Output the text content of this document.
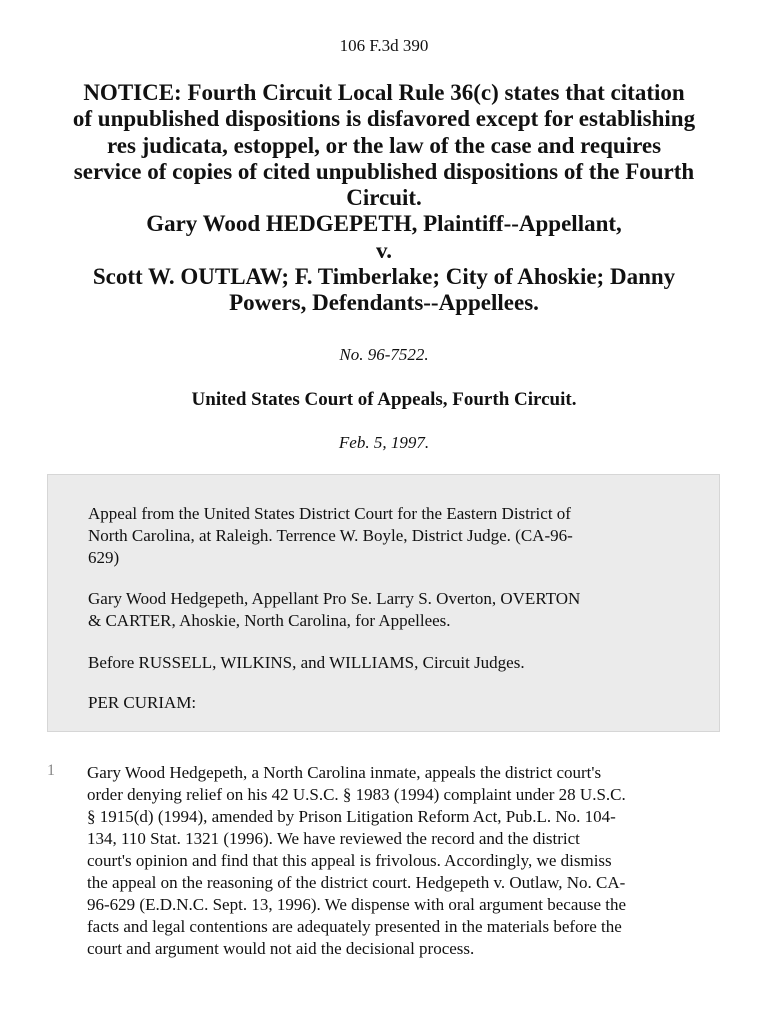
106 F.3d 390
NOTICE: Fourth Circuit Local Rule 36(c) states that citation
of unpublished dispositions is disfavored except for establishing
res judicata, estoppel, or the law of the case and requires
service of copies of cited unpublished dispositions of the Fourth
Circuit.
Gary Wood HEDGEPETH, Plaintiff--Appellant,
v.
Scott W. OUTLAW; F. Timberlake; City of Ahoskie; Danny
Powers, Defendants--Appellees.
No. 96-7522.
United States Court of Appeals, Fourth Circuit.
Feb. 5, 1997.

Appeal from the United States District Court for the Eastern District of
North Carolina, at Raleigh. Terrence W. Boyle, District Judge. (CA-96-
629)

Gary Wood Hedgepeth, Appellant Pro Se. Larry S. Overton, OVERTON
& CARTER, Ahoskie, North Carolina, for Appellees.

Before RUSSELL, WILKINS, and WILLIAMS, Circuit Judges.

PER CURIAM:

1 Gary Wood Hedgepeth, a North Carolina inmate, appeals the district court's
order denying relief on his 42 U.S.C. § 1983 (1994) complaint under 28 U.S.C.
§ 1915(d) (1994), amended by Prison Litigation Reform Act, Pub.L. No. 104-
134, 110 Stat. 1321 (1996). We have reviewed the record and the district
court's opinion and find that this appeal is frivolous. Accordingly, we dismiss
the appeal on the reasoning of the district court. Hedgepeth v. Outlaw, No. CA-
96-629 (E.D.N.C. Sept. 13, 1996). We dispense with oral argument because the
facts and legal contentions are adequately presented in the materials before the
court and argument would not aid the decisional process.
